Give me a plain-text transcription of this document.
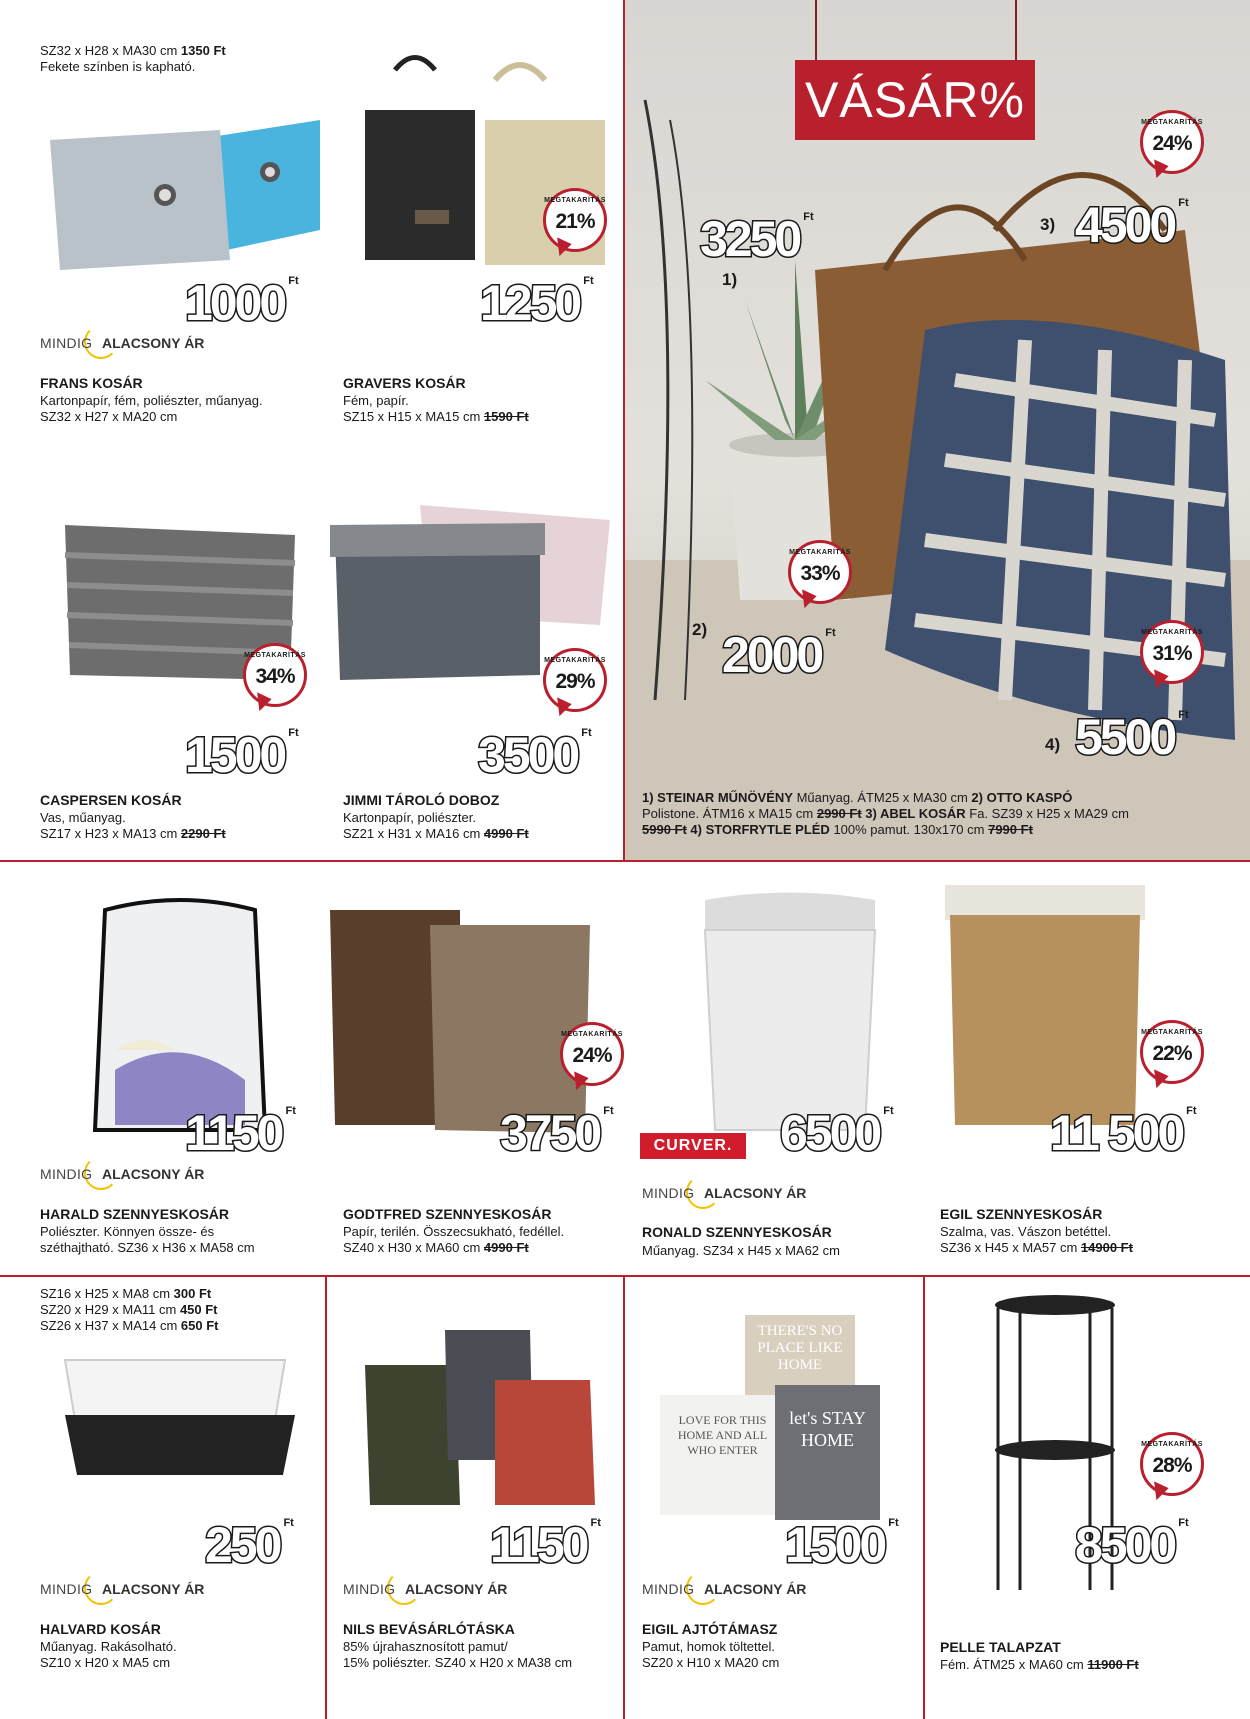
VÁSÁR%
3250 $^{Ft}$
1)
3) 4500 $^{Ft}$
MEGTAKARÍTÁS
24%
MEGTAKARÍTÁS
33%
2) 2000 $^{Ft}$	MEGTAKARÍTÁS
31%
4) 5500 $^{Ft}$
1) STEINAR MŰNÖVÉNY Műanyag. ÁTM25 x MA30 cm 2) OTTO KASPÓ
Polistone. ÁTM16 x MA15 cm 2990 Ft 3) ABEL KOSÁR Fa. SZ39 x H25 x MA29 cm
5990 Ft 4) STORFRYTLE PLÉD 100% pamut. 130x170 cm 7990 Ft
SZ32 x H28 x MA30 cm 1350 Ft
Fekete színben is kapható.
1000 $^{Ft}$
MINDIG ALACSONY ÁR
FRANS KOSÁR
Kartonpapír, fém, poliészter, műanyag.
SZ32 x H27 x MA20 cm
MEGTAKARÍTÁS
21%
1250 $^{Ft}$
GRAVERS KOSÁR
Fém, papír.
SZ15 x H15 x MA15 cm 1590 Ft
MEGTAKARÍTÁS
34%
1500 $^{Ft}$
CASPERSEN KOSÁR
Vas, műanyag.
SZ17 x H23 x MA13 cm 2290 Ft
MEGTAKARÍTÁS
29%
3500 $^{Ft}$
JIMMI TÁROLÓ DOBOZ
Kartonpapír, poliészter.
SZ21 x H31 x MA16 cm 4990 Ft
1150 $^{Ft}$
MINDIG ALACSONY ÁR
HARALD SZENNYESKOSÁR
Poliészter. Könnyen össze- és
széthajtható. SZ36 x H36 x MA58 cm
MEGTAKARÍTÁS
24%
3750 $^{Ft}$
GODTFRED SZENNYESKOSÁR
Papír, terilén. Összecsukható, fedéllel.
SZ40 x H30 x MA60 cm 4990 Ft
CURVER. 6500 $^{Ft}$
MINDIG ALACSONY ÁR
RONALD SZENNYESKOSÁR
Műanyag. SZ34 x H45 x MA62 cm
MEGTAKARÍTÁS
22%
11 500 $^{Ft}$
EGIL SZENNYESKOSÁR
Szalma, vas. Vászon betéttel.
SZ36 x H45 x MA57 cm 14900 Ft
SZ16 x H25 x MA8 cm 300 Ft
SZ20 x H29 x MA11 cm 450 Ft
SZ26 x H37 x MA14 cm 650 Ft
250 $^{Ft}$
MINDIG ALACSONY ÁR
HALVARD KOSÁR
Műanyag. Rakásolható.
SZ10 x H20 x MA5 cm
1150 $^{Ft}$
MINDIG ALACSONY ÁR
NILS BEVÁSÁRLÓTÁSKA
85% újrahasznosított pamut/
15% poliészter. SZ40 x H20 x MA38 cm
THERE'S NO PLACE LIKE HOME
LOVE FOR THIS HOME AND ALL WHO ENTER
let's STAY HOME
1500 $^{Ft}$
MINDIG ALACSONY ÁR
EIGIL AJTÓTÁMASZ
Pamut, homok töltettel.
SZ20 x H10 x MA20 cm
MEGTAKARÍTÁS
28%
8500 $^{Ft}$
PELLE TALAPZAT
Fém. ÁTM25 x MA60 cm 11900 Ft
